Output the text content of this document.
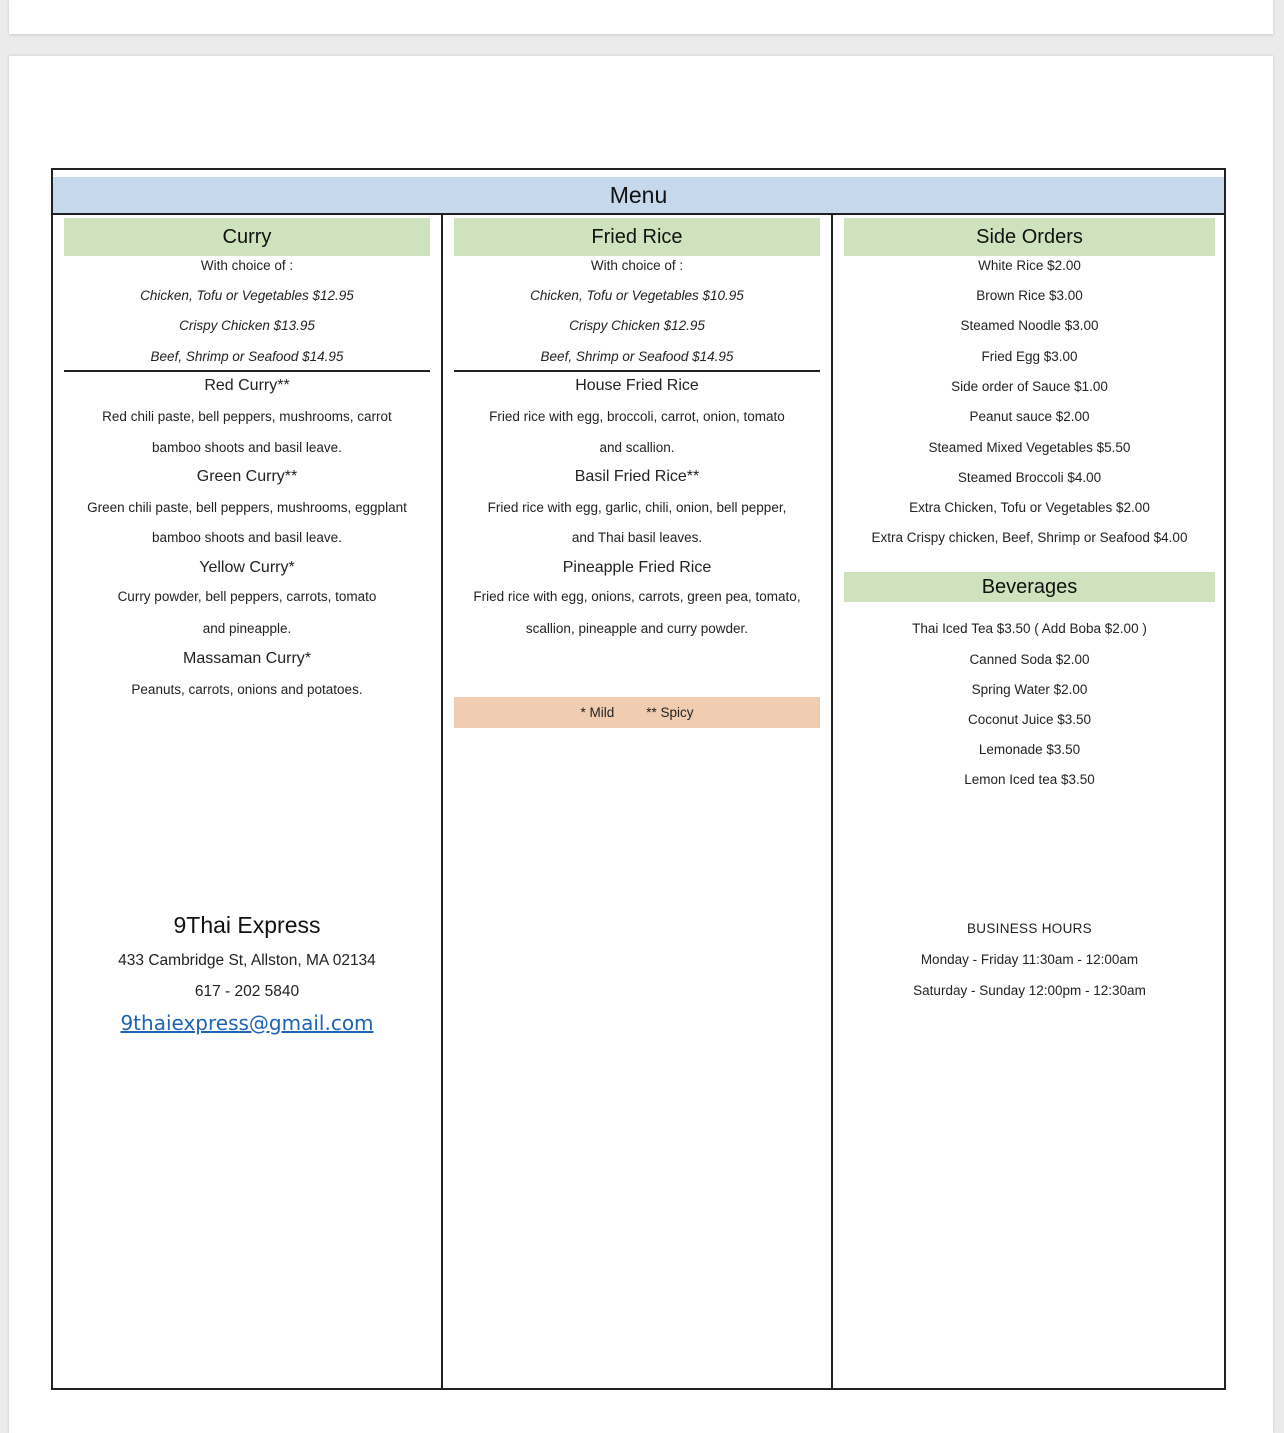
Menu
Curry
With choice of :
Chicken, Tofu or Vegetables $12.95
Crispy Chicken $13.95
Beef, Shrimp or Seafood $14.95
Red Curry**
Red chili paste, bell peppers, mushrooms, carrot
bamboo shoots and basil leave.
Green Curry**
Green chili paste, bell peppers, mushrooms, eggplant
bamboo shoots and basil leave.
Yellow Curry*
Curry powder, bell peppers, carrots, tomato
and pineapple.
Massaman Curry*
Peanuts, carrots, onions and potatoes.
9Thai Express
433 Cambridge St, Allston, MA 02134
617 - 202 5840
9thaiexpress@gmail.com
Fried Rice
With choice of :
Chicken, Tofu or Vegetables $10.95
Crispy Chicken $12.95
Beef, Shrimp or Seafood $14.95
House Fried Rice
Fried rice with egg, broccoli, carrot, onion, tomato
and scallion.
Basil Fried Rice**
Fried rice with egg, garlic, chili, onion, bell pepper,
and Thai basil leaves.
Pineapple Fried Rice
Fried rice with egg, onions, carrots, green pea, tomato,
scallion, pineapple and curry powder.
* Mild ** Spicy
Side Orders
White Rice $2.00
Brown Rice $3.00
Steamed Noodle $3.00
Fried Egg $3.00
Side order of Sauce $1.00
Peanut sauce $2.00
Steamed Mixed Vegetables $5.50
Steamed Broccoli $4.00
Extra Chicken, Tofu or Vegetables $2.00
Extra Crispy chicken, Beef, Shrimp or Seafood $4.00
Beverages
Thai Iced Tea $3.50 ( Add Boba $2.00 )
Canned Soda $2.00
Spring Water $2.00
Coconut Juice $3.50
Lemonade $3.50
Lemon Iced tea $3.50
BUSINESS HOURS
Monday - Friday 11:30am - 12:00am
Saturday - Sunday 12:00pm - 12:30am
